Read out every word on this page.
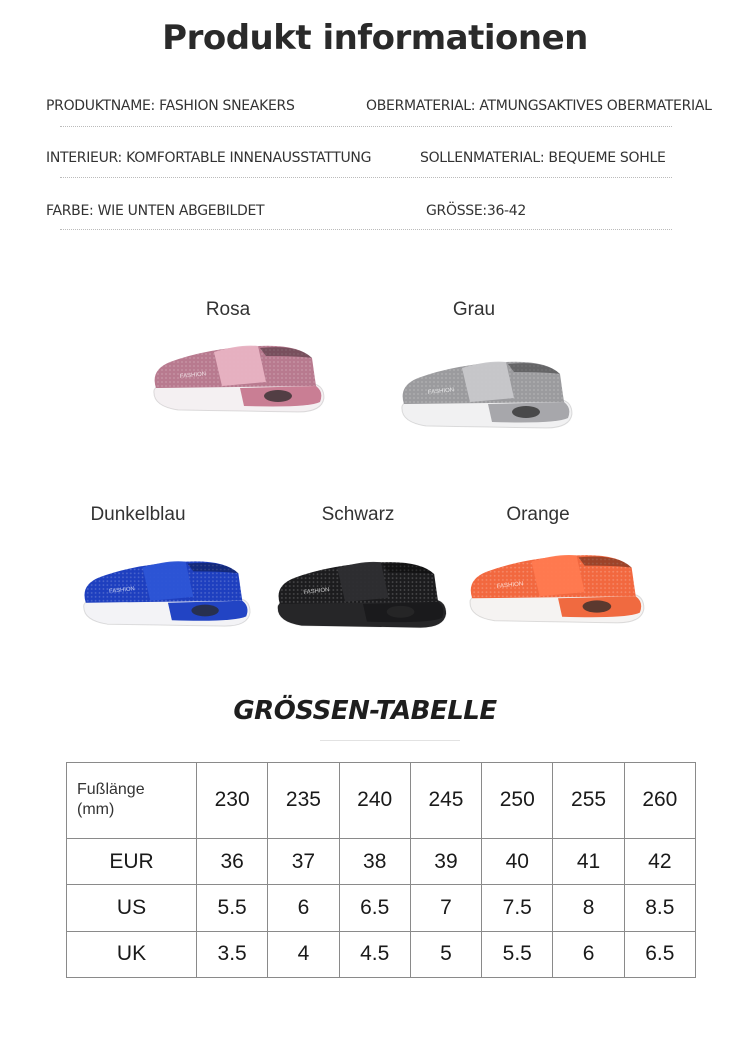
Produkt informationen
PRODUKTNAME: FASHION SNEAKERS	OBERMATERIAL: ATMUNGSAKTIVES OBERMATERIAL
INTERIEUR: KOMFORTABLE INNENAUSSTATTUNG	SOLLENMATERIAL: BEQUEME SOHLE
FARBE: WIE UNTEN ABGEBILDET	GRÖSSE:36-42
Rosa	Grau
Dunkelblau	Schwarz	Orange
FASHION
FASHION
FASHION	FASHION
FASHION
GRÖSSEN-TABELLE
Fußlänge
(mm)	230	235	240	245	250	255	260
EUR	36	37	38	39	40	41	42
US	5.5	6	6.5	7	7.5	8	8.5
UK	3.5	4	4.5	5	5.5	6	6.5
